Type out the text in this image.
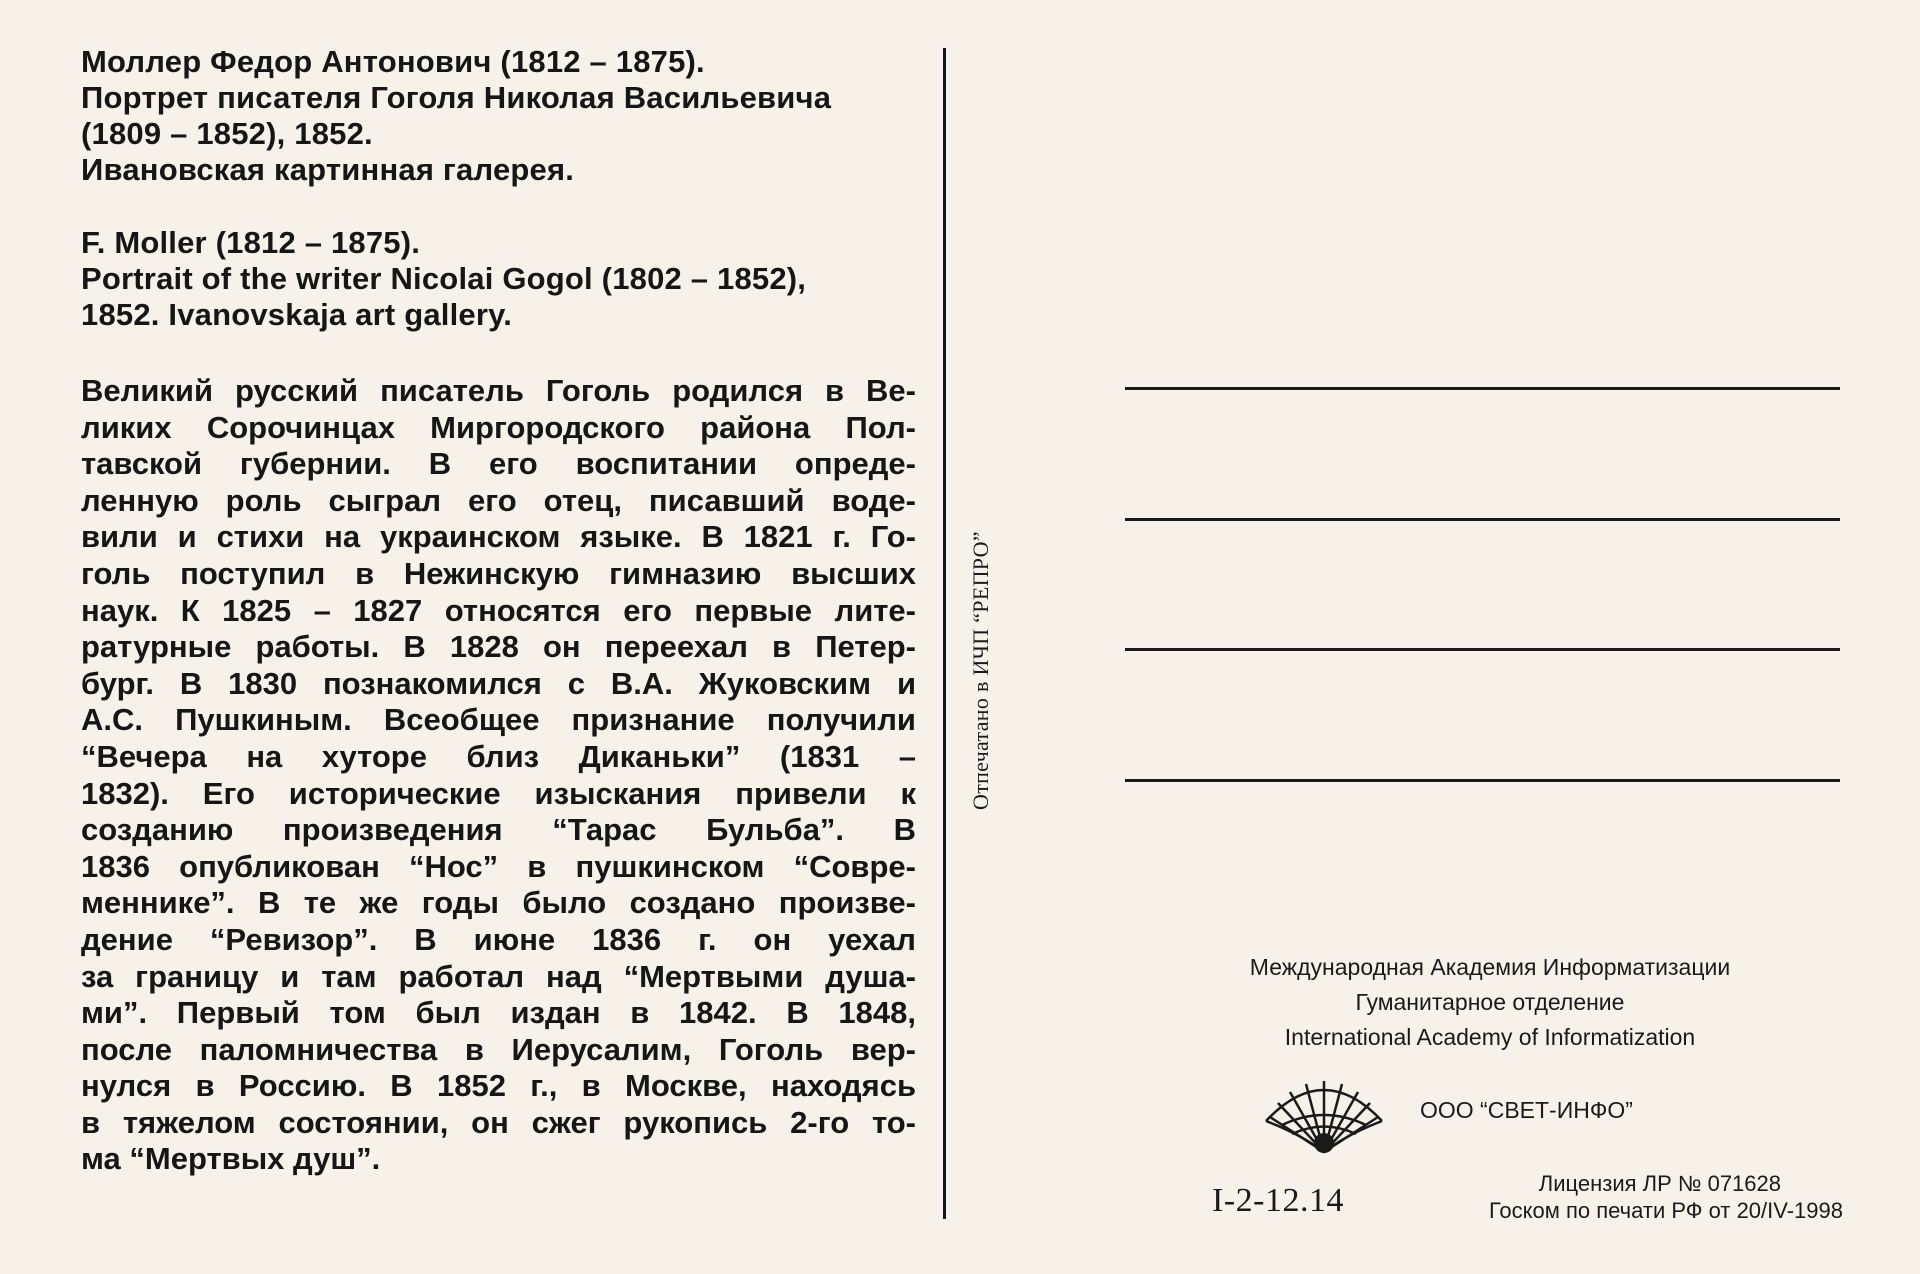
Моллер Федор Антонович (1812 – 1875).
Портрет писателя Гоголя Николая Васильевича
(1809 – 1852), 1852.
Ивановская картинная галерея.
F. Moller (1812 – 1875).
Portrait of the writer Nicolai Gogol (1802 – 1852),
1852. Ivanovskaja art gallery.
Великий русский писатель Гоголь родился в Ве-
ликих Сорочинцах Миргородского района Пол-
тавской губернии. В его воспитании опреде-
ленную роль сыграл его отец, писавший воде-
вили и стихи на украинском языке. В 1821 г. Го-
голь поступил в Нежинскую гимназию высших
наук. К 1825 – 1827 относятся его первые лите-
ратурные работы. В 1828 он переехал в Петер-
бург. В 1830 познакомился с В.А. Жуковским и
А.С. Пушкиным. Всеобщее признание получили
“Вечера на хуторе близ Диканьки” (1831 –
1832). Его исторические изыскания привели к
созданию произведения “Тарас Бульба”. В
1836 опубликован “Нос” в пушкинском “Совре-
меннике”. В те же годы было создано произве-
дение “Ревизор”. В июне 1836 г. он уехал
за границу и там работал над “Мертвыми душа-
ми”. Первый том был издан в 1842. В 1848,
после паломничества в Иерусалим, Гоголь вер-
нулся в Россию. В 1852 г., в Москве, находясь
в тяжелом состоянии, он сжег рукопись 2-го то-
ма “Мертвых душ”.
Отпечатано в ИЧП “РЕПРО”
Международная Академия Информатизации
Гуманитарное отделение
International Academy of Informatization
ООО “СВЕТ-ИНФО”
I-2-12.14	Лицензия ЛР № 071628
Госком по печати РФ от 20/IV-1998
